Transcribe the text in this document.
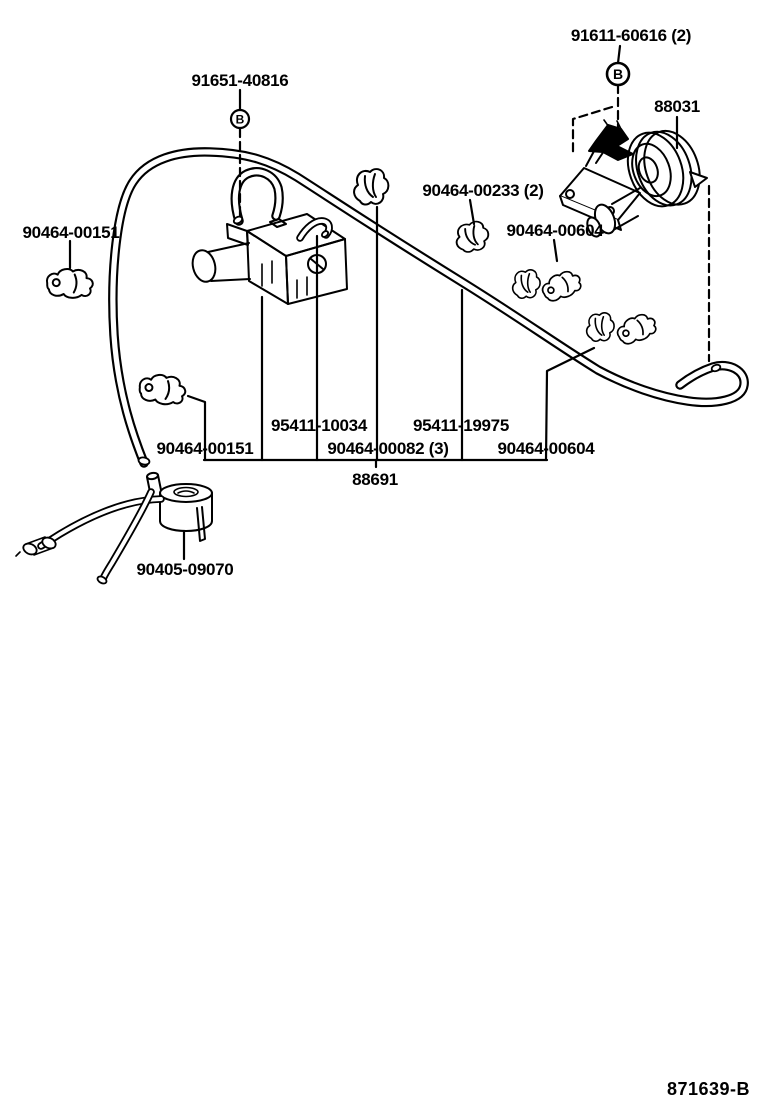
B
B
91611-60616 (2)
88031
91651-40816
90464-00151
90464-00233 (2)
90464-00604
95411-10034	95411-19975
90464-00151	90464-00082 (3)	90464-00604
88691
90405-09070
871639-B
